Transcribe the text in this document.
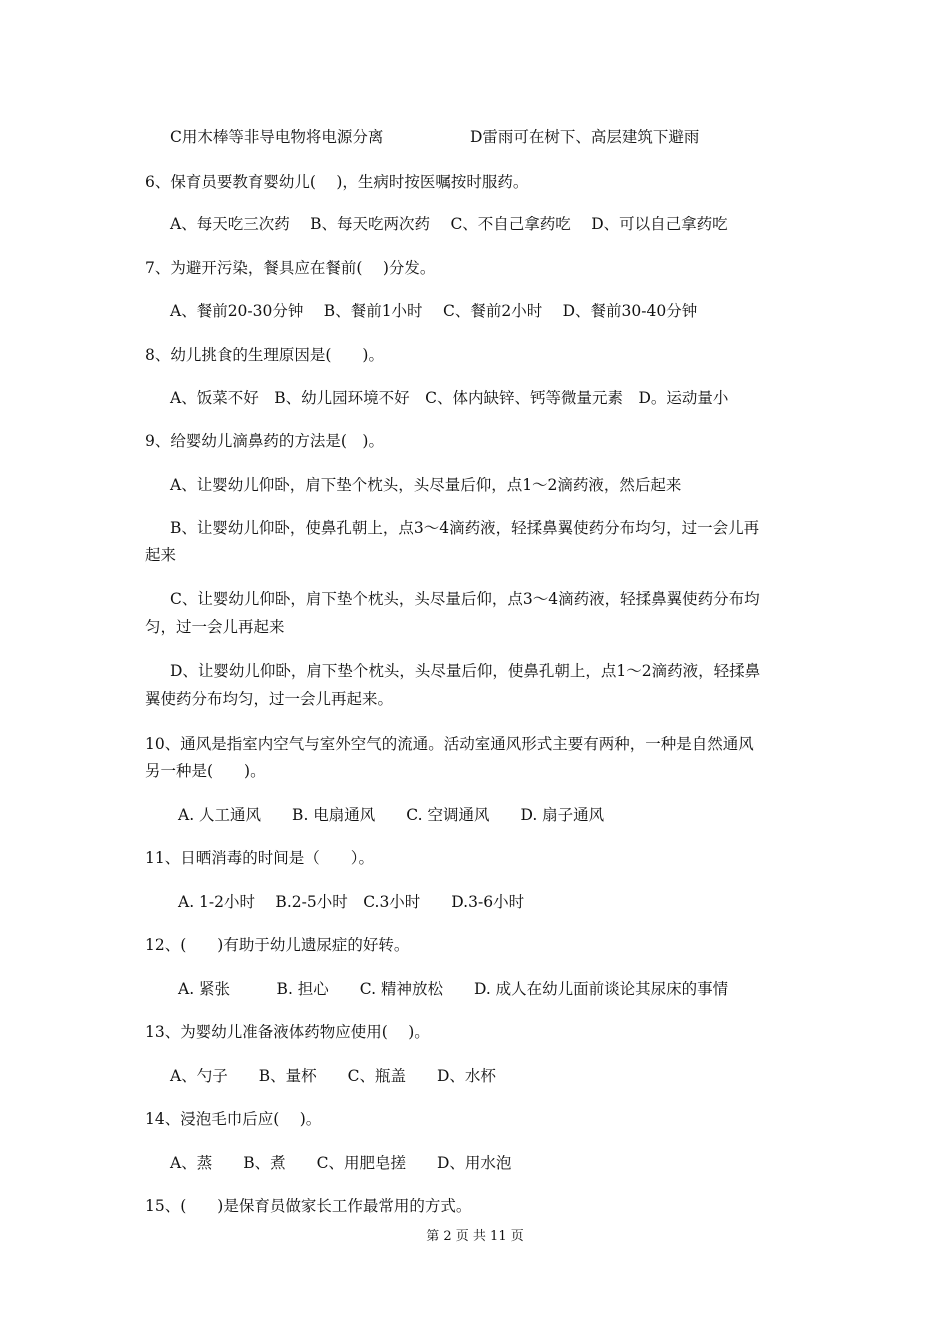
C用木棒等非导电物将电源分离	D雷雨可在树下、高层建筑下避雨
6、保育员要教育婴幼儿(　 )，生病时按医嘱按时服药。
A、每天吃三次药　 B、每天吃两次药　 C、不自己拿药吃　 D、可以自己拿药吃
7、为避开污染，餐具应在餐前(　 )分发。
A、餐前20-30分钟　 B、餐前1小时　 C、餐前2小时　 D、餐前30-40分钟
8、幼儿挑食的生理原因是(　　)。
A、饭菜不好　B、幼儿园环境不好　C、体内缺锌、钙等微量元素　D。运动量小
9、给婴幼儿滴鼻药的方法是(　)。
A、让婴幼儿仰卧，肩下垫个枕头，头尽量后仰，点1～2滴药液，然后起来
B、让婴幼儿仰卧，使鼻孔朝上，点3～4滴药液，轻揉鼻翼使药分布均匀，过一会儿再
起来
C、让婴幼儿仰卧，肩下垫个枕头，头尽量后仰，点3～4滴药液，轻揉鼻翼使药分布均
匀，过一会儿再起来
D、让婴幼儿仰卧，肩下垫个枕头，头尽量后仰，使鼻孔朝上，点1～2滴药液，轻揉鼻
翼使药分布均匀，过一会儿再起来。
10、通风是指室内空气与室外空气的流通。活动室通风形式主要有两种，一种是自然通风
另一种是(　　)。
A. 人工通风　　B. 电扇通风　　C. 空调通风　　D. 扇子通风
11、日晒消毒的时间是（　　）。
A. 1-2小时　 B.2-5小时　C.3小时　　D.3-6小时
12、(　　)有助于幼儿遗尿症的好转。
A. 紧张　　　B. 担心　　C. 精神放松　　D. 成人在幼儿面前谈论其尿床的事情
13、为婴幼儿准备液体药物应使用(　 )。
A、勺子　　B、量杯　　C、瓶盖　　D、水杯
14、浸泡毛巾后应(　 )。
A、蒸　　B、煮　　C、用肥皂搓　　D、用水泡
15、(　　)是保育员做家长工作最常用的方式。
第 2 页 共 11 页
